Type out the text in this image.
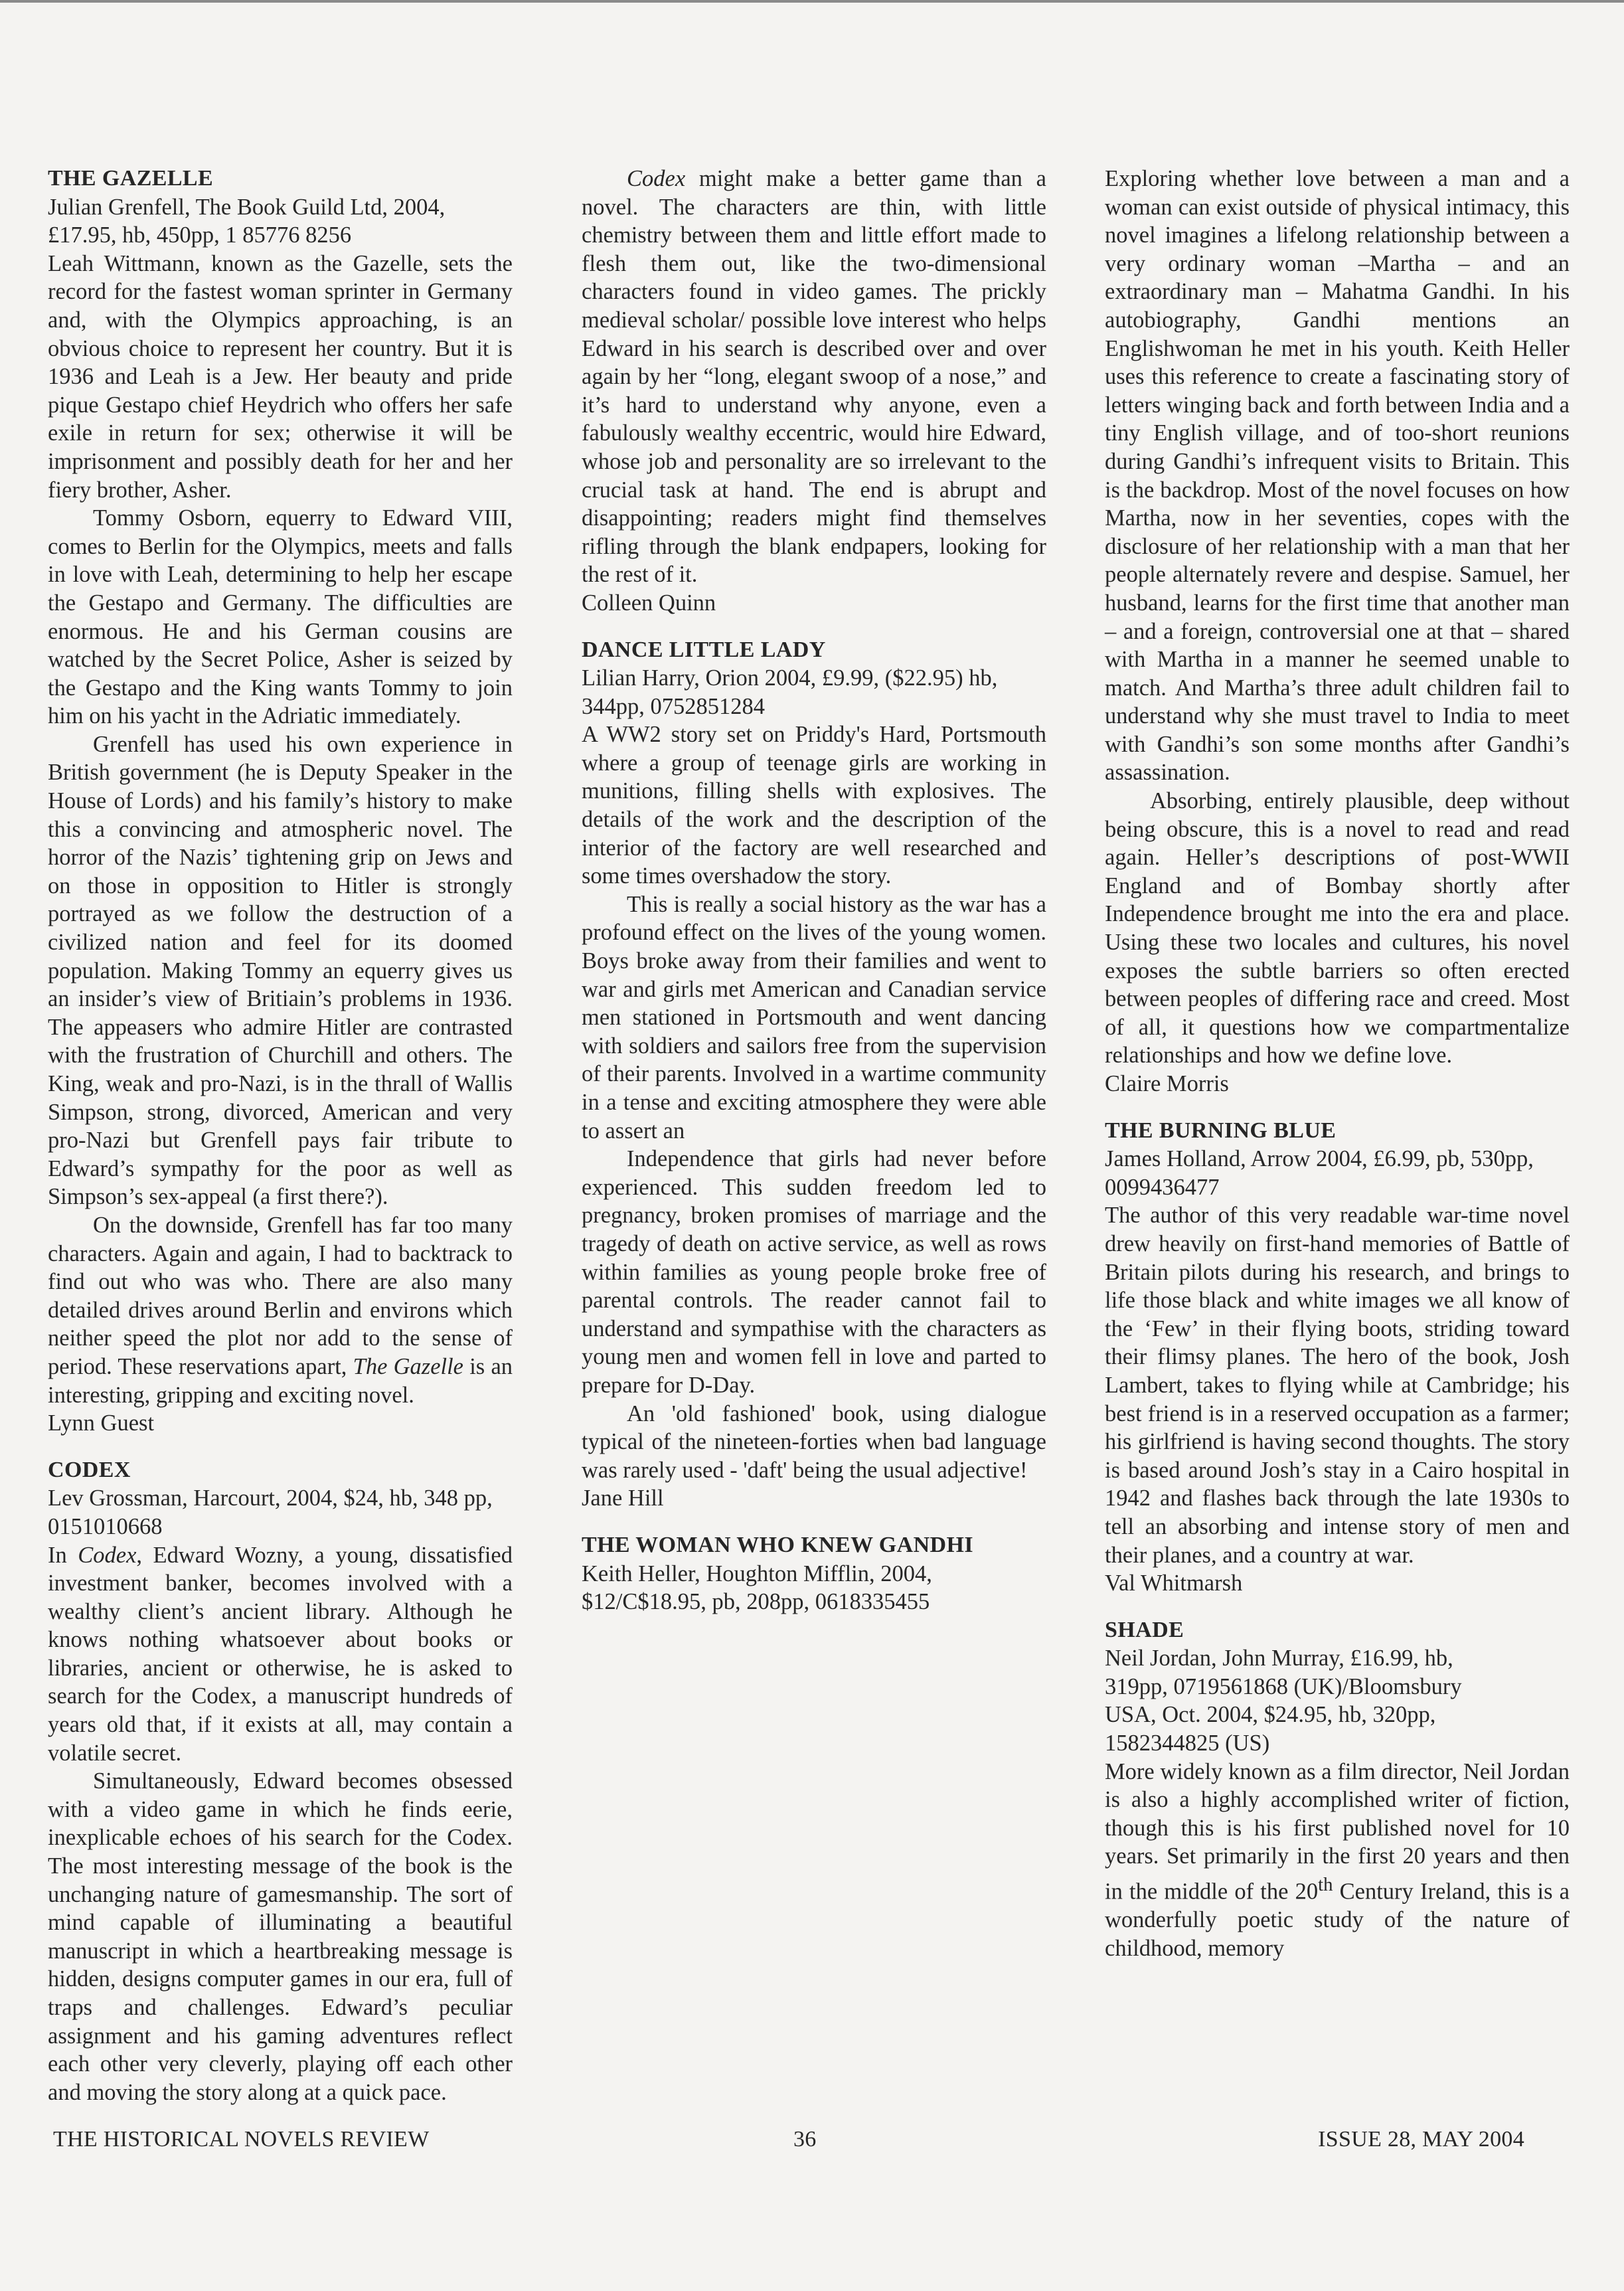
THE GAZELLE

Julian Grenfell, The Book Guild Ltd, 2004, £17.95, hb, 450pp, 1 85776 8256

Leah Wittmann, known as the Gazelle, sets the record for the fastest woman sprinter in Germany and, with the Olympics approaching, is an obvious choice to represent her country. But it is 1936 and Leah is a Jew. Her beauty and pride pique Gestapo chief Heydrich who offers her safe exile in return for sex; otherwise it will be imprisonment and possibly death for her and her fiery brother, Asher.

Tommy Osborn, equerry to Edward VIII, comes to Berlin for the Olympics, meets and falls in love with Leah, determining to help her escape the Gestapo and Germany. The difficulties are enormous. He and his German cousins are watched by the Secret Police, Asher is seized by the Gestapo and the King wants Tommy to join him on his yacht in the Adriatic immediately.

Grenfell has used his own experience in British government (he is Deputy Speaker in the House of Lords) and his family’s history to make this a convincing and atmospheric novel. The horror of the Nazis’ tightening grip on Jews and on those in opposition to Hitler is strongly portrayed as we follow the destruction of a civilized nation and feel for its doomed population. Making Tommy an equerry gives us an insider’s view of Britiain’s problems in 1936. The appeasers who admire Hitler are contrasted with the frustration of Churchill and others. The King, weak and pro-Nazi, is in the thrall of Wallis Simpson, strong, divorced, American and very pro-Nazi but Grenfell pays fair tribute to Edward’s sympathy for the poor as well as Simpson’s sex-appeal (a first there?).

On the downside, Grenfell has far too many characters. Again and again, I had to backtrack to find out who was who. There are also many detailed drives around Berlin and environs which neither speed the plot nor add to the sense of period. These reservations apart, The Gazelle is an interesting, gripping and exciting novel.

Lynn Guest

CODEX

Lev Grossman, Harcourt, 2004, $24, hb, 348 pp, 0151010668

In Codex, Edward Wozny, a young, dissatisfied investment banker, becomes involved with a wealthy client’s ancient library. Although he knows nothing whatsoever about books or libraries, ancient or otherwise, he is asked to search for the Codex, a manuscript hundreds of years old that, if it exists at all, may contain a volatile secret.

Simultaneously, Edward becomes obsessed with a video game in which he finds eerie, inexplicable echoes of his search for the Codex. The most interesting message of the book is the unchanging nature of gamesmanship. The sort of mind capable of illuminating a beautiful manuscript in which a heartbreaking message is hidden, designs computer games in our era, full of traps and challenges. Edward’s peculiar assignment and his gaming adventures reflect each other very cleverly, playing off each other and moving the story along at a quick pace.

Codex might make a better game than a novel. The characters are thin, with little chemistry between them and little effort made to flesh them out, like the two-dimensional characters found in video games. The prickly medieval scholar/ possible love interest who helps Edward in his search is described over and over again by her “long, elegant swoop of a nose,” and it’s hard to understand why anyone, even a fabulously wealthy eccentric, would hire Edward, whose job and personality are so irrelevant to the crucial task at hand. The end is abrupt and disappointing; readers might find themselves rifling through the blank endpapers, looking for the rest of it.

Colleen Quinn

DANCE LITTLE LADY

Lilian Harry, Orion 2004, £9.99, ($22.95) hb, 344pp, 0752851284

A WW2 story set on Priddy's Hard, Portsmouth where a group of teenage girls are working in munitions, filling shells with explosives. The details of the work and the description of the interior of the factory are well researched and some times overshadow the story.

This is really a social history as the war has a profound effect on the lives of the young women. Boys broke away from their families and went to war and girls met American and Canadian service men stationed in Portsmouth and went dancing with soldiers and sailors free from the supervision of their parents. Involved in a wartime community in a tense and exciting atmosphere they were able to assert an

Independence that girls had never before experienced. This sudden freedom led to pregnancy, broken promises of marriage and the tragedy of death on active service, as well as rows within families as young people broke free of parental controls. The reader cannot fail to understand and sympathise with the characters as young men and women fell in love and parted to prepare for D-Day.

An 'old fashioned' book, using dialogue typical of the nineteen-forties when bad language was rarely used - 'daft' being the usual adjective!

Jane Hill

THE WOMAN WHO KNEW GANDHI

Keith Heller, Houghton Mifflin, 2004, $12/C$18.95, pb, 208pp, 0618335455

Exploring whether love between a man and a woman can exist outside of physical intimacy, this novel imagines a lifelong relationship between a very ordinary woman –Martha – and an extraordinary man – Mahatma Gandhi. In his autobiography, Gandhi mentions an Englishwoman he met in his youth. Keith Heller uses this reference to create a fascinating story of letters winging back and forth between India and a tiny English village, and of too-short reunions during Gandhi’s infrequent visits to Britain. This is the backdrop. Most of the novel focuses on how Martha, now in her seventies, copes with the disclosure of her relationship with a man that her people alternately revere and despise. Samuel, her husband, learns for the first time that another man – and a foreign, controversial one at that – shared with Martha in a manner he seemed unable to match. And Martha’s three adult children fail to understand why she must travel to India to meet with Gandhi’s son some months after Gandhi’s assassination.

Absorbing, entirely plausible, deep without being obscure, this is a novel to read and read again. Heller’s descriptions of post-WWII England and of Bombay shortly after Independence brought me into the era and place. Using these two locales and cultures, his novel exposes the subtle barriers so often erected between peoples of differing race and creed. Most of all, it questions how we compartmentalize relationships and how we define love.

Claire Morris

THE BURNING BLUE

James Holland, Arrow 2004, £6.99, pb, 530pp, 0099436477

The author of this very readable war-time novel drew heavily on first-hand memories of Battle of Britain pilots during his research, and brings to life those black and white images we all know of the ‘Few’ in their flying boots, striding toward their flimsy planes. The hero of the book, Josh Lambert, takes to flying while at Cambridge; his best friend is in a reserved occupation as a farmer; his girlfriend is having second thoughts. The story is based around Josh’s stay in a Cairo hospital in 1942 and flashes back through the late 1930s to tell an absorbing and intense story of men and their planes, and a country at war.

Val Whitmarsh

SHADE

Neil Jordan, John Murray, £16.99, hb,
319pp, 0719561868 (UK)/Bloomsbury
USA, Oct. 2004, $24.95, hb, 320pp,
1582344825 (US)

More widely known as a film director, Neil Jordan is also a highly accomplished writer of fiction, though this is his first published novel for 10 years. Set primarily in the first 20 years and then in the middle of the 20th Century Ireland, this is a wonderfully poetic study of the nature of childhood, memory

THE HISTORICAL NOVELS REVIEW	36	ISSUE 28, MAY 2004
